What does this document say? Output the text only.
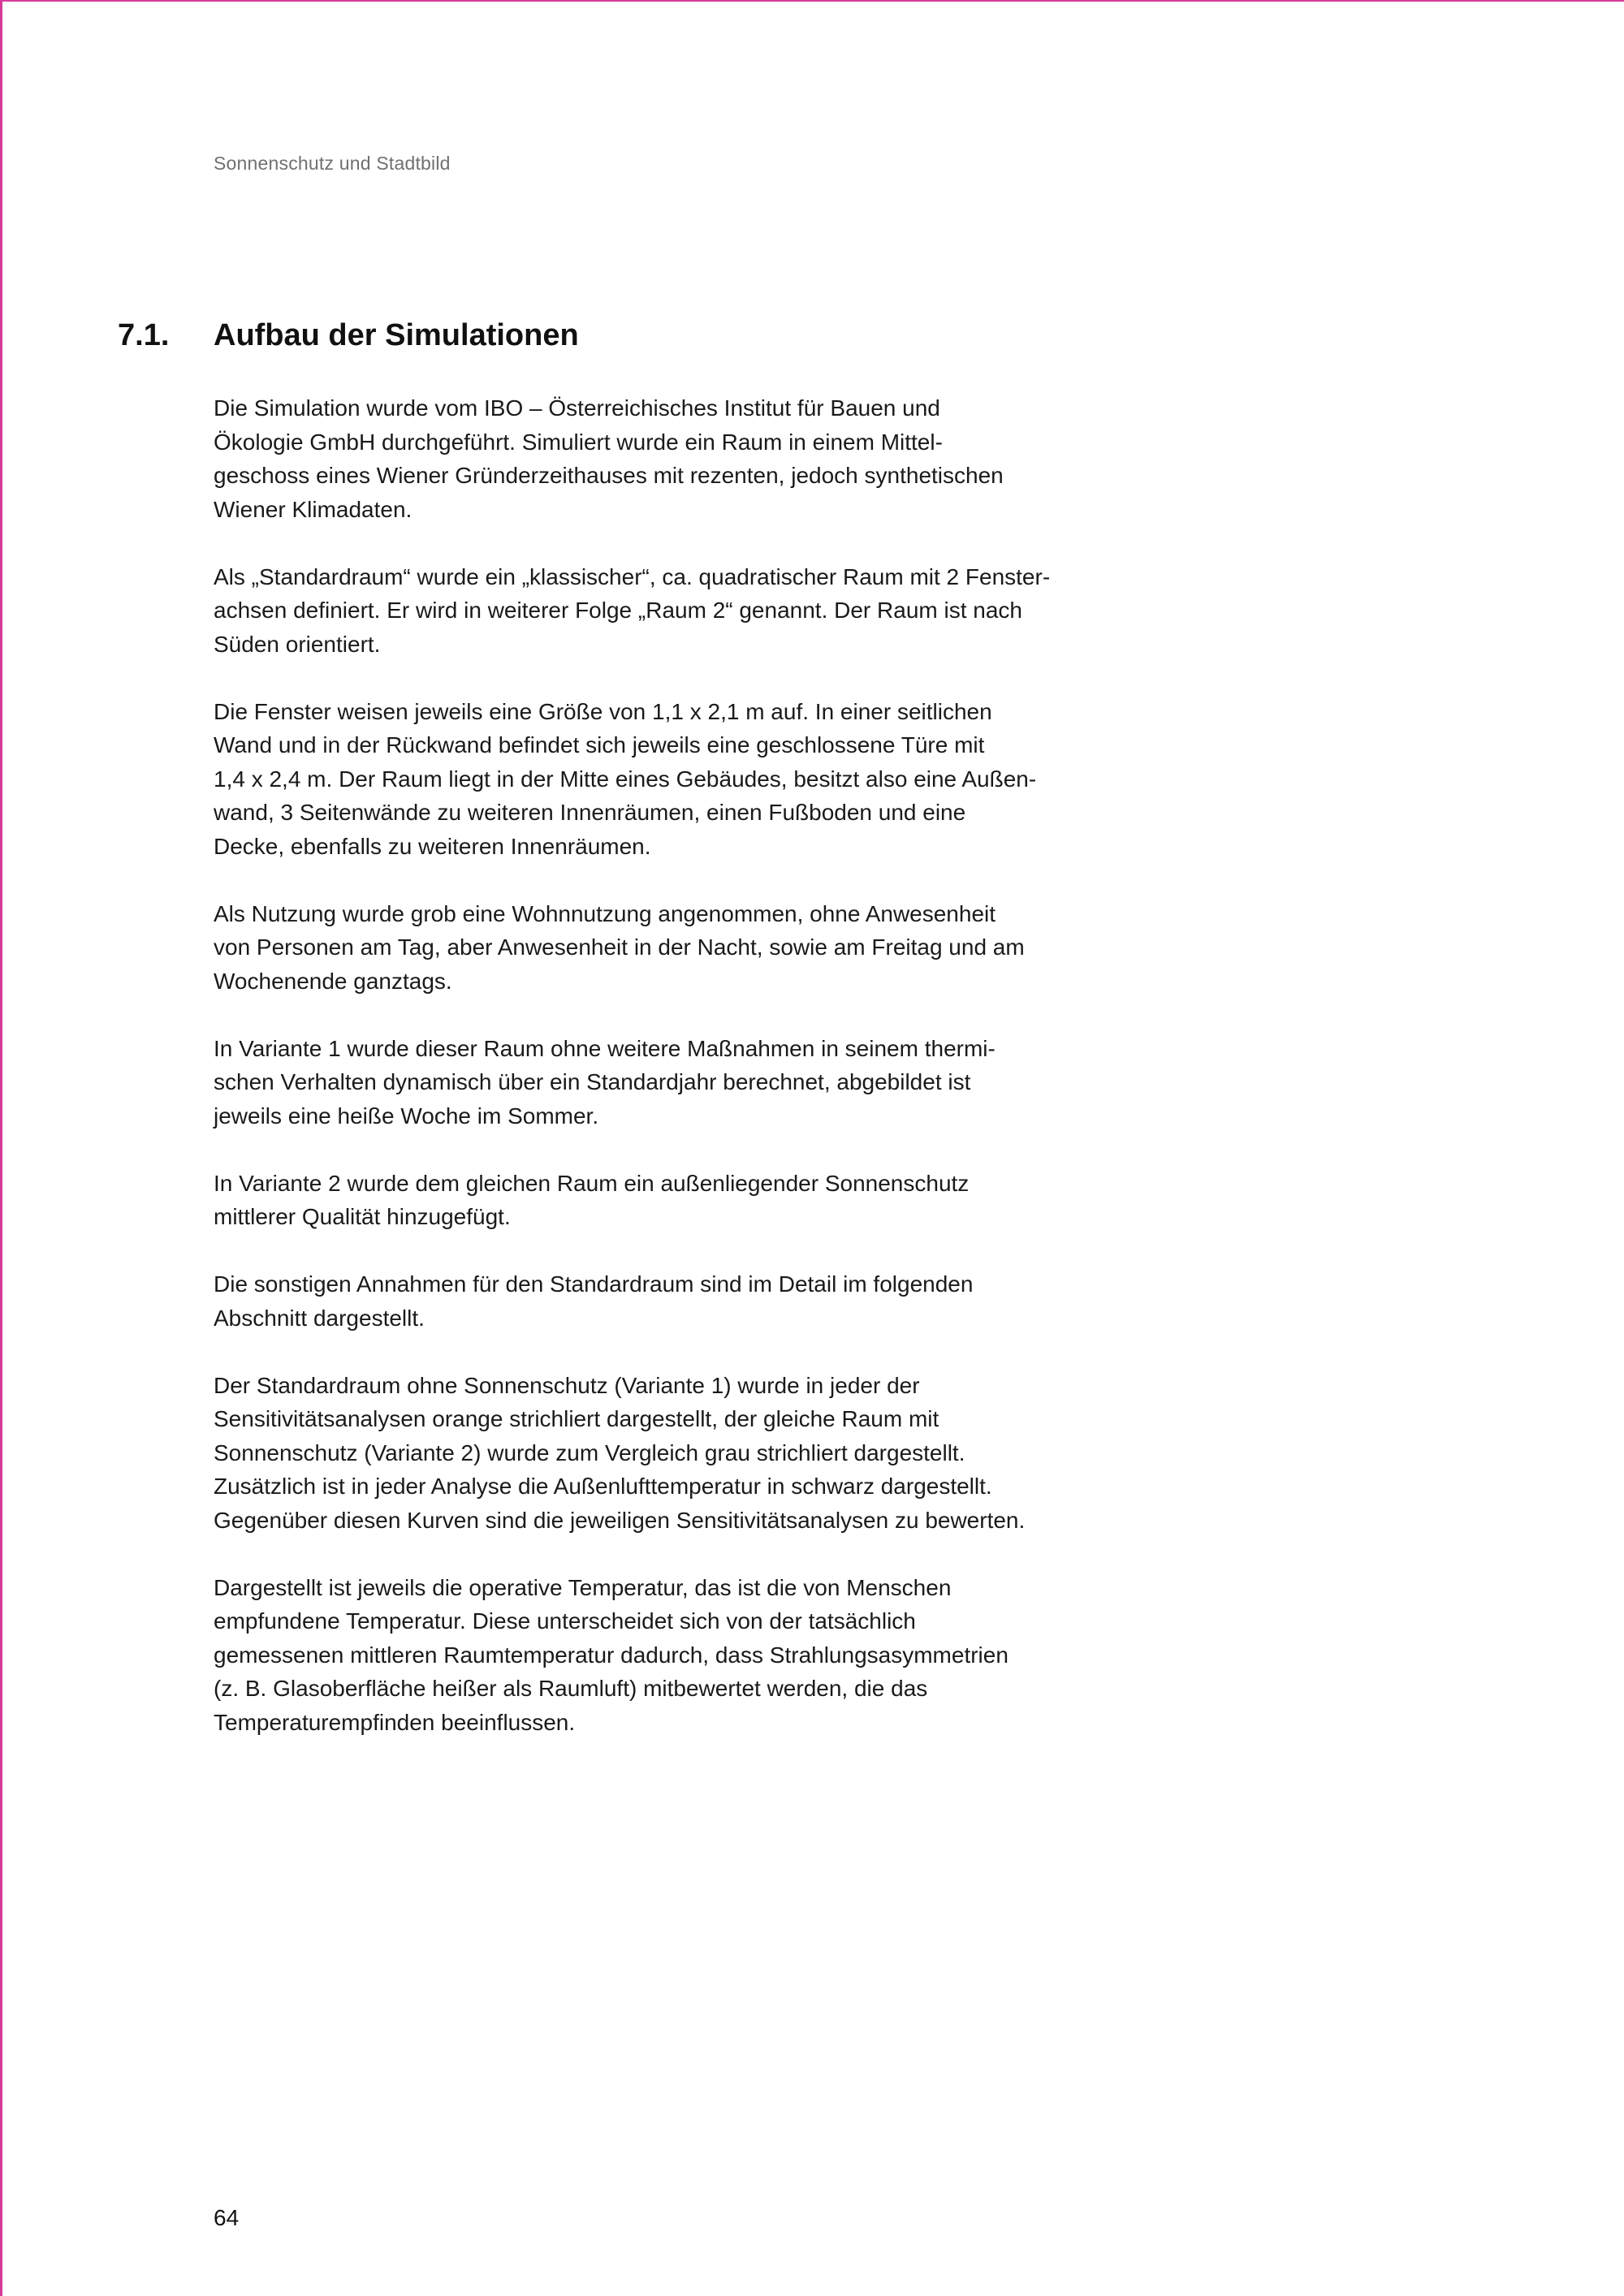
Sonnenschutz und Stadtbild
7.1. Aufbau der Simulationen

Die Simulation wurde vom IBO – Österreichisches Institut für Bauen und
Ökologie GmbH durchgeführt. Simuliert wurde ein Raum in einem Mittel-
geschoss eines Wiener Gründerzeithauses mit rezenten, jedoch synthetischen
Wiener Klimadaten.

Als „Standardraum“ wurde ein „klassischer“, ca. quadratischer Raum mit 2 Fenster-
achsen definiert. Er wird in weiterer Folge „Raum 2“ genannt. Der Raum ist nach
Süden orientiert.

Die Fenster weisen jeweils eine Größe von 1,1 x 2,1 m auf. In einer seitlichen
Wand und in der Rückwand befindet sich jeweils eine geschlossene Türe mit
1,4 x 2,4 m. Der Raum liegt in der Mitte eines Gebäudes, besitzt also eine Außen-
wand, 3 Seitenwände zu weiteren Innenräumen, einen Fußboden und eine
Decke, ebenfalls zu weiteren Innenräumen.

Als Nutzung wurde grob eine Wohnnutzung angenommen, ohne Anwesenheit
von Personen am Tag, aber Anwesenheit in der Nacht, sowie am Freitag und am
Wochenende ganztags.

In Variante 1 wurde dieser Raum ohne weitere Maßnahmen in seinem thermi-
schen Verhalten dynamisch über ein Standardjahr berechnet, abgebildet ist
jeweils eine heiße Woche im Sommer.

In Variante 2 wurde dem gleichen Raum ein außenliegender Sonnenschutz
mittlerer Qualität hinzugefügt.

Die sonstigen Annahmen für den Standardraum sind im Detail im folgenden
Abschnitt dargestellt.

Der Standardraum ohne Sonnenschutz (Variante 1) wurde in jeder der
Sensitivitätsanalysen orange strichliert dargestellt, der gleiche Raum mit
Sonnenschutz (Variante 2) wurde zum Vergleich grau strichliert dargestellt.
Zusätzlich ist in jeder Analyse die Außenlufttemperatur in schwarz dargestellt.
Gegenüber diesen Kurven sind die jeweiligen Sensitivitätsanalysen zu bewerten.

Dargestellt ist jeweils die operative Temperatur, das ist die von Menschen
empfundene Temperatur. Diese unterscheidet sich von der tatsächlich
gemessenen mittleren Raumtemperatur dadurch, dass Strahlungsasymmetrien
(z. B. Glasoberfläche heißer als Raumluft) mitbewertet werden, die das
Temperaturempfinden beeinflussen.

64
